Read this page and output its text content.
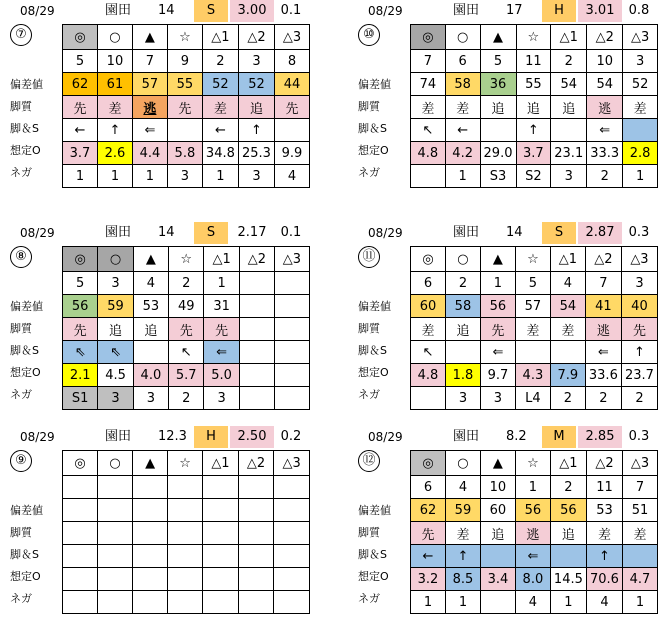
08/29	園田 14	S	3.00	0.1
⑦
偏差値
脚質
脚＆S
想定O
ネガ
◎	○	▲	☆	△1	△2	△3
5	10	7	9	2	3	8
62	61	57	55	52	52	44
先	差	逃	先	差	追	先
←	↑	⇐		←	↑	
3.7	2.6	4.4	5.8	34.8	25.3	9.9
1	1	1	3	1	3	4
08/29	園田 17	H	3.01	0.8
⑩
偏差値
脚質
脚＆S
想定O
ネガ
◎	○	▲	☆	△1	△2	△3
7	6	5	11	2	10	3
74	58	36	55	54	54	52
差	差	追	追	追	逃	差
↖	←		↑		⇐	
4.8	4.2	29.0	3.7	23.1	33.3	2.8
	1	S3	S2	3	2	1
08/29	園田 14	S	2.17	0.1
⑧
偏差値
脚質
脚＆S
想定O
ネガ
◎	○	▲	☆	△1	△2	△3
5	3	4	2	1		
56	59	53	49	31		
先	追	追	先	先		
⇖	⇖		↖	⇐		
2.1	4.5	4.0	5.7	5.0		
S1	3	3	2	3		
08/29	園田 14	S	2.87	0.3
⑪
偏差値
脚質
脚＆S
想定O
ネガ
◎	○	▲	☆	△1	△2	△3
6	2	1	5	4	7	3
60	58	56	57	54	41	40
差	追	先	差	差	逃	先
↖		⇐			⇐	↑
4.8	1.8	9.7	4.3	7.9	33.6	23.7
	3	3	L4	2	2	2
08/29	園田 12.3	H	2.50	0.2
⑨
偏差値
脚質
脚＆S
想定O
ネガ
◎	○	▲	☆	△1	△2	△3

08/29	園田 8.2	M	2.85	0.3
⑫
偏差値
脚質
脚＆S
想定O
ネガ
◎	○	▲	☆	△1	△2	△3
6	4	10	1	2	11	7
62	59	60	56	56	53	51
先	差	追	逃	追	差	差
←	↑		⇐		↑	
3.2	8.5	3.4	8.0	14.5	70.6	4.7
1	1		4	1	4	1
